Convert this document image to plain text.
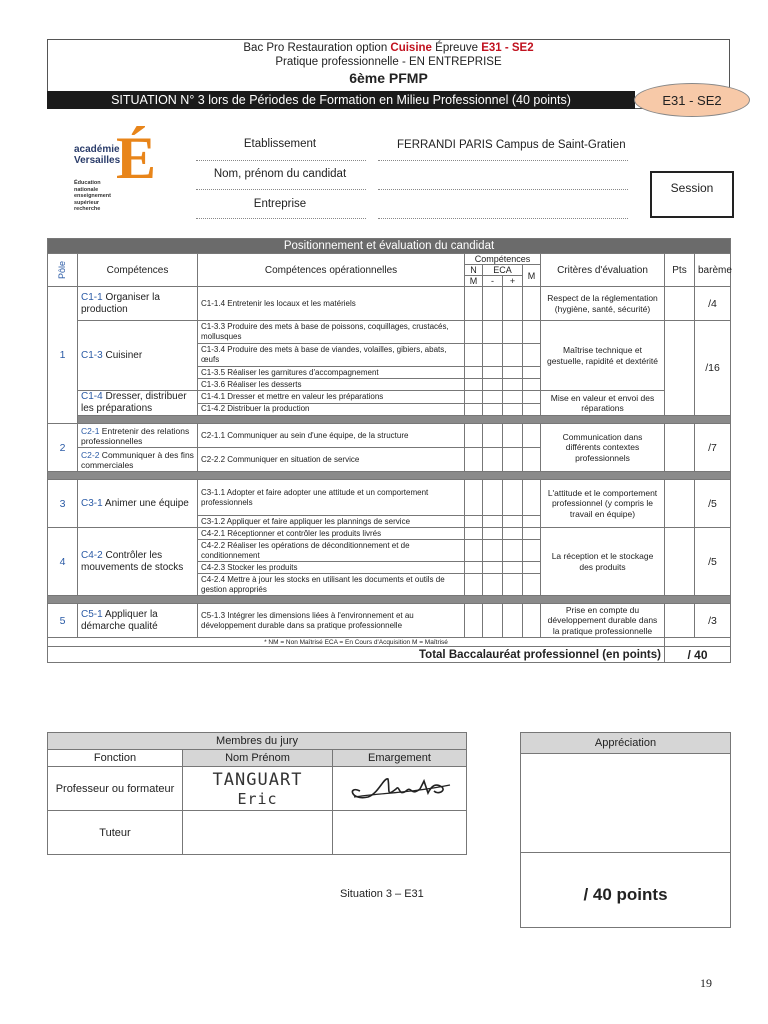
Bac Pro Restauration option Cuisine Épreuve E31 - SE2
Pratique professionnelle - EN ENTREPRISE
6ème PFMP
SITUATION N° 3 lors de Périodes de Formation en Milieu Professionnel (40 points)	E31 - SE2
académie
Versailles
É
Éducation
nationale
enseignement
supérieur
recherche
Etablissement	FERRANDI PARIS Campus de Saint-Gratien
Nom, prénom du candidat
Entreprise
Session
Positionnement et évaluation du candidat									
Pôle	Compétences	Compétences opérationnelles	Compétences				Critères d'évaluation	Pts	barème
			N	ECA		M			
			M	-	+				
1	C1-1 Organiser la production	C1-1.4 Entretenir les locaux et les matériels					Respect de la réglementation (hygiène, santé, sécurité)		/4
	C1-3 Cuisiner	C1-3.3 Produire des mets à base de poissons, coquillages, crustacés, mollusques					Maîtrise technique et gestuelle, rapidité et dextérité		/16
		C1-3.4 Produire des mets à base de viandes, volailles, gibiers, abats, œufs							
		C1-3.5 Réaliser les garnitures d'accompagnement							
		C1-3.6 Réaliser les desserts							
	C1-4 Dresser, distribuer les préparations	C1-4.1 Dresser et mettre en valeur les préparations					Mise en valeur et envoi des réparations		
		C1-4.2 Distribuer la production							

2	C2-1 Entretenir des relations professionnelles	C2-1.1 Communiquer au sein d'une équipe, de la structure					Communication dans différents contextes professionnels		/7
	C2-2 Communiquer à des fins commerciales	C2-2.2 Communiquer en situation de service							

3	C3-1 Animer une équipe	C3-1.1 Adopter et faire adopter une attitude et un comportement professionnels					L'attitude et le comportement professionnel (y compris le travail en équipe)		/5
		C3-1.2 Appliquer et faire appliquer les plannings de service							
4	C4-2 Contrôler les mouvements de stocks	C4-2.1 Réceptionner et contrôler les produits livrés					La réception et le stockage des produits		/5
		C4-2.2 Réaliser les opérations de déconditionnement et de conditionnement							
		C4-2.3 Stocker les produits							
		C4-2.4 Mettre à jour les stocks en utilisant les documents et outils de gestion appropriés							

5	C5-1 Appliquer la démarche qualité	C5-1.3 Intégrer les dimensions liées à l'environnement et au développement durable dans sa pratique professionnelle					Prise en compte du développement durable dans la pratique professionnelle		/3
* NM = Non Maîtrisé ECA = En Cours d'Acquisition M = Maîtrisé									
Total Baccalauréat professionnel (en points)								/ 40	
Membres du jury		
Fonction	Nom Prénom	Emargement
Professeur ou formateur	TANGUART
Eric

Tuteur		
Appréciation
/ 40 points
Situation 3 – E31
19
